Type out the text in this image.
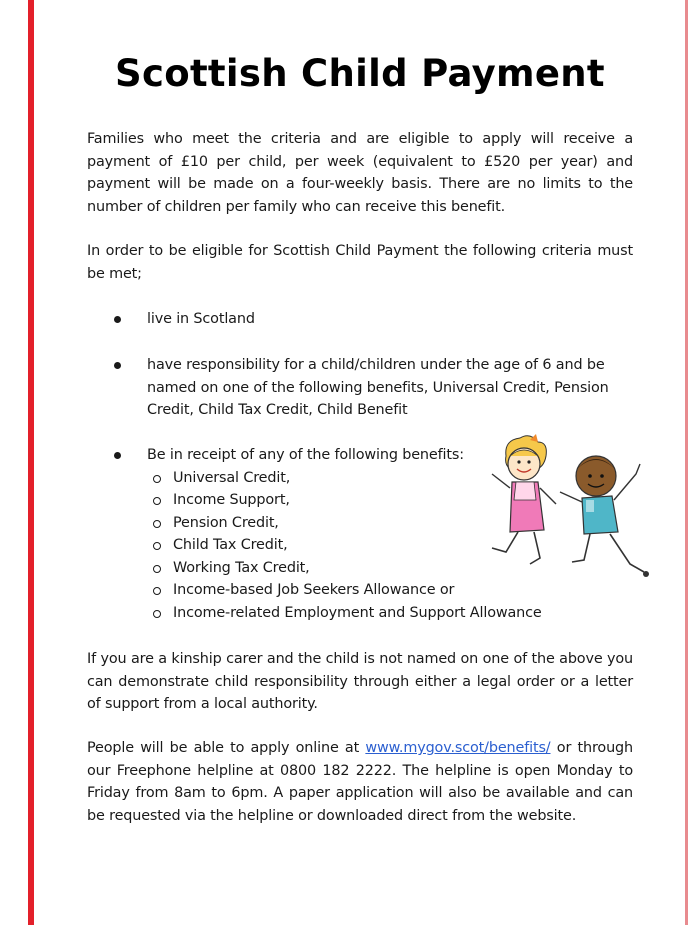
Scottish Child Payment

Families who meet the criteria and are eligible to apply will receive a payment of £10 per child, per week (equivalent to £520 per year) and payment will be made on a four-weekly basis. There are no limits to the number of children per family who can receive this benefit.

In order to be eligible for Scottish Child Payment the following criteria must be met;

live in Scotland
have responsibility for a child/children under the age of 6 and be named on one of the following benefits, Universal Credit, Pension Credit, Child Tax Credit, Child Benefit
Be in receipt of any of the following benefits:
Universal Credit,
Income Support,
Pension Credit,
Child Tax Credit,
Working Tax Credit,
Income-based Job Seekers Allowance or
Income-related Employment and Support Allowance

If you are a kinship carer and the child is not named on one of the above you can demonstrate child responsibility through either a legal order or a letter of support from a local authority.

People will be able to apply online at www.mygov.scot/benefits/ or through our Freephone helpline at 0800 182 2222. The helpline is open Monday to Friday from 8am to 6pm. A paper application will also be available and can be requested via the helpline or downloaded direct from the website.
